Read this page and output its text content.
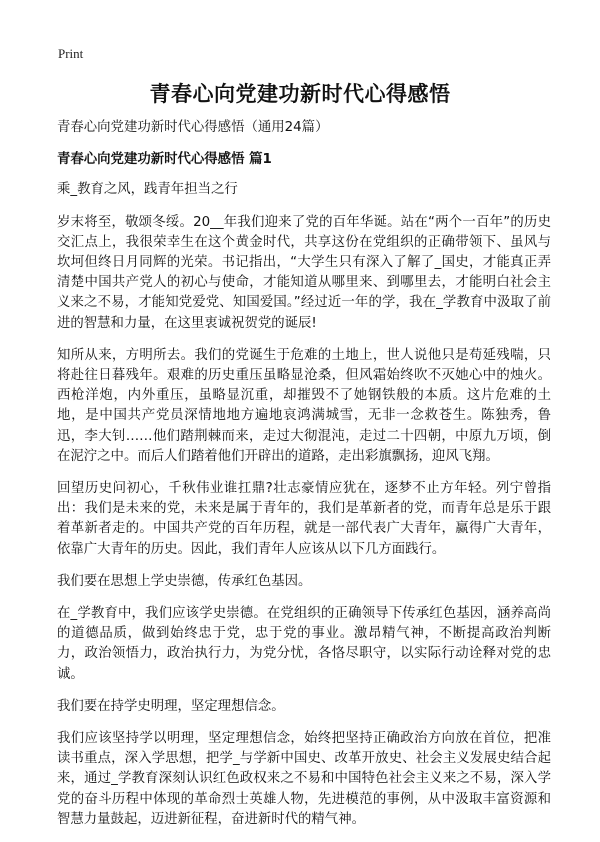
Print
青春心向党建功新时代心得感悟
青春心向党建功新时代心得感悟（通用24篇）
青春心向党建功新时代心得感悟 篇1

乘_教育之风，践青年担当之行

岁末将至，敬颂冬绥。20__年我们迎来了党的百年华诞。站在“两个一百年”的历史交汇点上，我很荣幸生在这个黄金时代，共享这份在党组织的正确带领下、虽风与坎坷但终日月同辉的光荣。书记指出，“大学生只有深入了解了_国史，才能真正弄清楚中国共产党人的初心与使命，才能知道从哪里来、到哪里去，才能明白社会主义来之不易，才能知党爱党、知国爱国。”经过近一年的学，我在_学教育中汲取了前进的智慧和力量，在这里衷诚祝贺党的诞辰!

知所从来，方明所去。我们的党诞生于危难的土地上，世人说他只是苟延残喘，只将赴往日暮残年。艰难的历史重压虽略显沧桑，但风霜始终吹不灭她心中的烛火。西枪洋炮，内外重压，虽略显沉重，却摧毁不了她钢铁般的本质。这片危难的土地，是中国共产党员深情地地方遍地哀鸿满城雪，无非一念救苍生。陈独秀，鲁迅，李大钊……他们踏荆棘而来，走过大彻混沌，走过二十四朝，中原九万顷，倒在泥泞之中。而后人们踏着他们开辟出的道路，走出彩旗飘扬，迎风飞翔。

回望历史问初心，千秋伟业谁扛鼎?壮志豪情应犹在，逐梦不止方年轻。列宁曾指出：我们是未来的党，未来是属于青年的，我们是革新者的党，而青年总是乐于跟着革新者走的。中国共产党的百年历程，就是一部代表广大青年，赢得广大青年，依靠广大青年的历史。因此，我们青年人应该从以下几方面践行。

我们要在思想上学史崇德，传承红色基因。

在_学教育中，我们应该学史崇德。在党组织的正确领导下传承红色基因，涵养高尚的道德品质，做到始终忠于党，忠于党的事业。激昂精气神，不断提高政治判断力，政治领悟力，政治执行力，为党分忧，各恪尽职守，以实际行动诠释对党的忠诚。

我们要在持学史明理，坚定理想信念。

我们应该坚持学以明理，坚定理想信念，始终把坚持正确政治方向放在首位，把准读书重点，深入学思想，把学_与学新中国史、改革开放史、社会主义发展史结合起来，通过_学教育深刻认识红色政权来之不易和中国特色社会主义来之不易，深入学党的奋斗历程中体现的革命烈士英雄人物，先进模范的事例，从中汲取丰富资源和智慧力量鼓起，迈进新征程，奋进新时代的精气神。
